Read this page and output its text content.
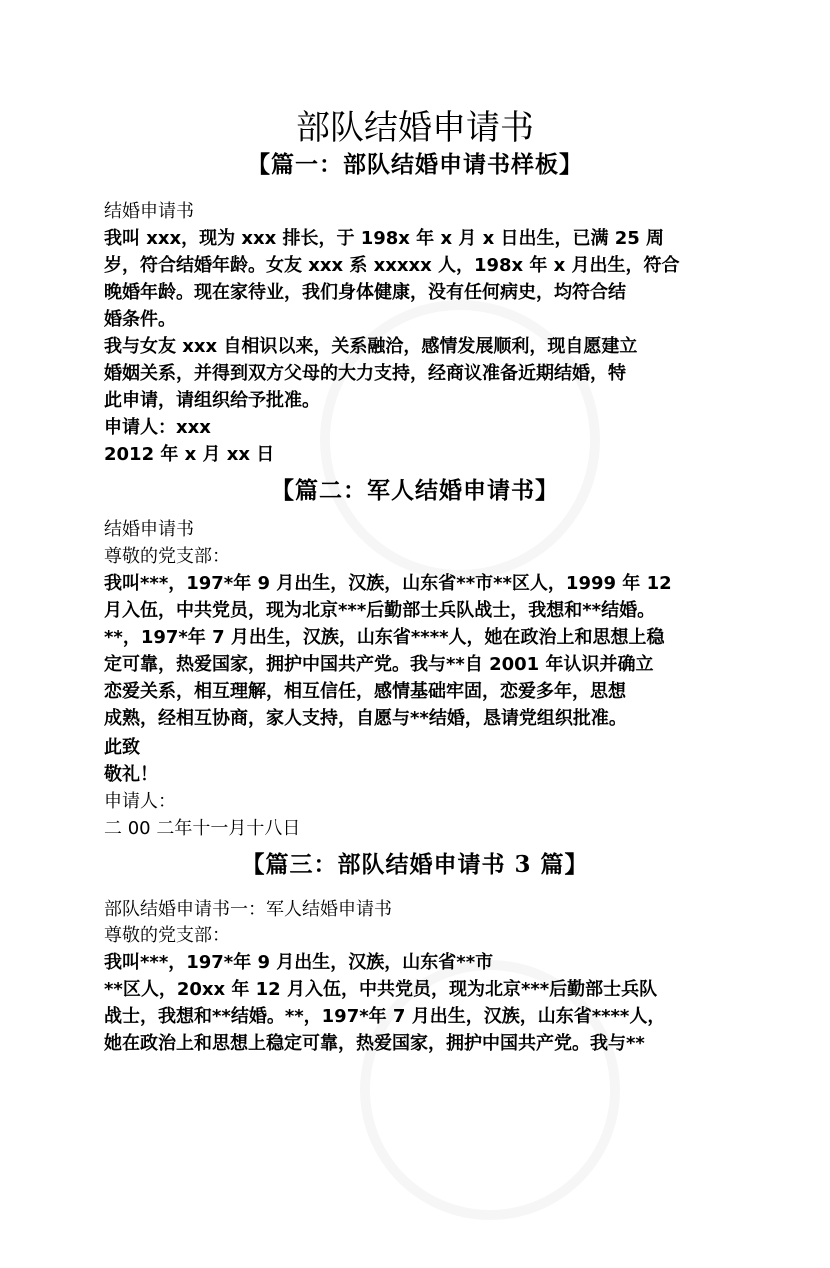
部队结婚申请书
【篇一：部队结婚申请书样板】
结婚申请书
我叫 xxx，现为 xxx 排长，于 198x 年 x 月 x 日出生，已满 25 周
岁，符合结婚年龄。女友 xxx 系 xxxxx 人，198x 年 x 月出生，符合
晚婚年龄。现在家待业，我们身体健康，没有任何病史，均符合结
婚条件。
我与女友 xxx 自相识以来，关系融洽，感情发展顺利，现自愿建立
婚姻关系，并得到双方父母的大力支持，经商议准备近期结婚，特
此申请，请组织给予批准。
申请人：xxx
2012 年 x 月 xx 日
【篇二：军人结婚申请书】
结婚申请书
尊敬的党支部：
我叫***，197*年 9 月出生，汉族，山东省**市**区人，1999 年 12
月入伍，中共党员，现为北京***后勤部士兵队战士，我想和**结婚。
**，197*年 7 月出生，汉族，山东省****人，她在政治上和思想上稳
定可靠，热爱国家，拥护中国共产党。我与**自 2001 年认识并确立
恋爱关系，相互理解，相互信任，感情基础牢固，恋爱多年，思想
成熟，经相互协商，家人支持，自愿与**结婚，恳请党组织批准。
此致
敬礼！
申请人：
二 00 二年十一月十八日
【篇三：部队结婚申请书 3 篇】
部队结婚申请书一：军人结婚申请书
尊敬的党支部：
我叫***，197*年 9 月出生，汉族，山东省**市
**区人，20xx 年 12 月入伍，中共党员，现为北京***后勤部士兵队
战士，我想和**结婚。**，197*年 7 月出生，汉族，山东省****人，
她在政治上和思想上稳定可靠，热爱国家，拥护中国共产党。我与**
